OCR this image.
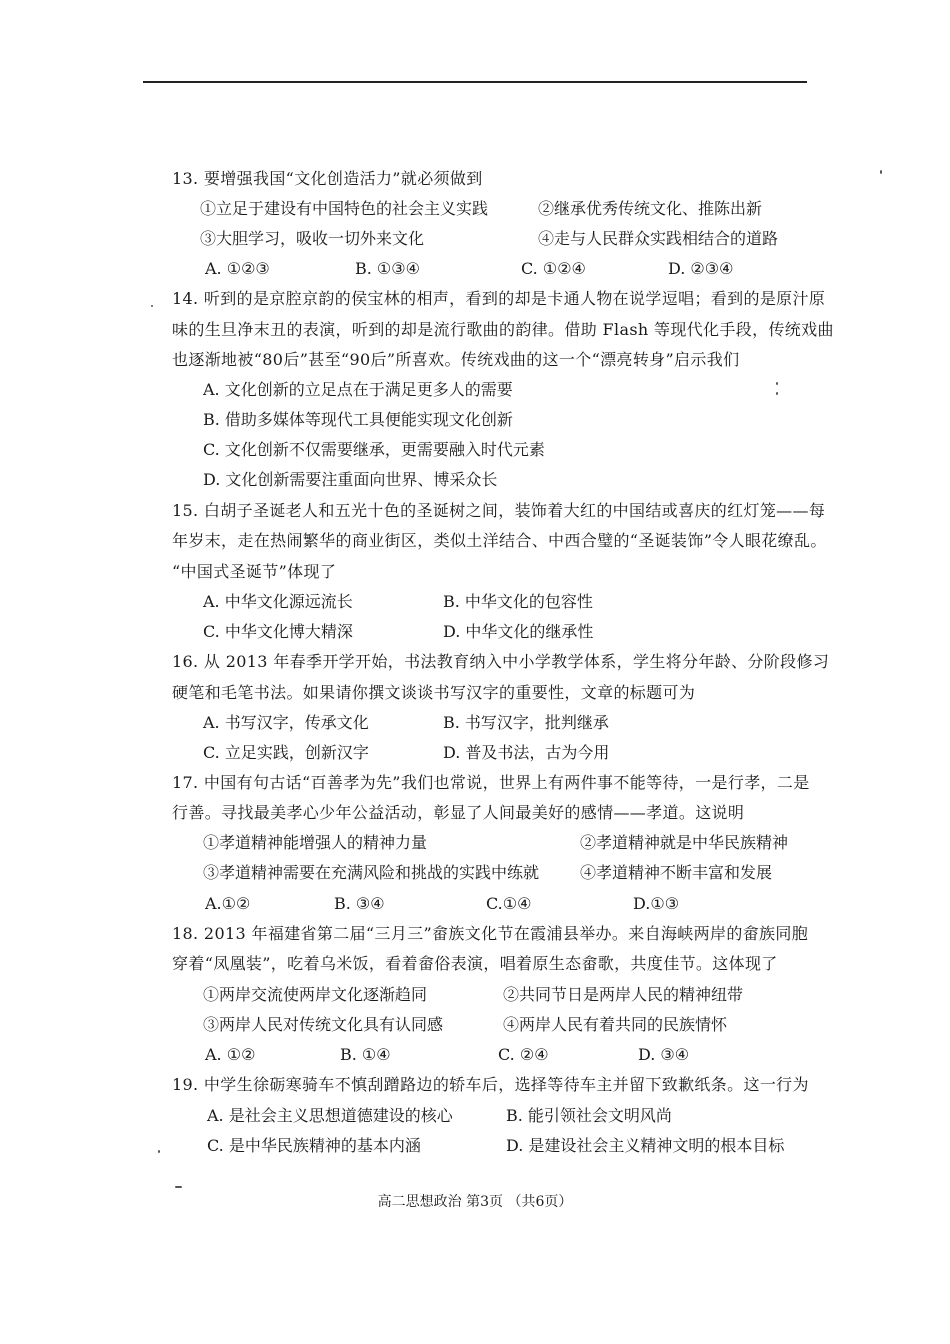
13. 要增强我国“文化创造活力”就必须做到
①立足于建设有中国特色的社会主义实践	②继承优秀传统文化、推陈出新
③大胆学习，吸收一切外来文化	④走与人民群众实践相结合的道路
A. ①②③	B. ①③④	C. ①②④	D. ②③④
14. 听到的是京腔京韵的侯宝林的相声，看到的却是卡通人物在说学逗唱；看到的是原汁原
味的生旦净末丑的表演，听到的却是流行歌曲的韵律。借助 Flash 等现代化手段，传统戏曲
也逐渐地被“80后”甚至“90后”所喜欢。传统戏曲的这一个“漂亮转身”启示我们
A. 文化创新的立足点在于满足更多人的需要
B. 借助多媒体等现代工具便能实现文化创新
C. 文化创新不仅需要继承，更需要融入时代元素
D. 文化创新需要注重面向世界、博采众长
15. 白胡子圣诞老人和五光十色的圣诞树之间，装饰着大红的中国结或喜庆的红灯笼——每
年岁末，走在热闹繁华的商业街区，类似土洋结合、中西合璧的“圣诞装饰”令人眼花缭乱。
“中国式圣诞节”体现了
A. 中华文化源远流长	B. 中华文化的包容性
C. 中华文化博大精深	D. 中华文化的继承性
16. 从 2013 年春季开学开始，书法教育纳入中小学教学体系，学生将分年龄、分阶段修习
硬笔和毛笔书法。如果请你撰文谈谈书写汉字的重要性，文章的标题可为
A. 书写汉字，传承文化	B. 书写汉字，批判继承
C. 立足实践，创新汉字	D. 普及书法，古为今用
17. 中国有句古话“百善孝为先”我们也常说，世界上有两件事不能等待，一是行孝，二是
行善。寻找最美孝心少年公益活动，彰显了人间最美好的感情——孝道。这说明
①孝道精神能增强人的精神力量	②孝道精神就是中华民族精神
③孝道精神需要在充满风险和挑战的实践中练就	④孝道精神不断丰富和发展
A.①②	B. ③④	C.①④	D.①③
18. 2013 年福建省第二届“三月三”畲族文化节在霞浦县举办。来自海峡两岸的畲族同胞
穿着“凤凰装”，吃着乌米饭，看着畲俗表演，唱着原生态畲歌，共度佳节。这体现了
①两岸交流使两岸文化逐渐趋同	②共同节日是两岸人民的精神纽带
③两岸人民对传统文化具有认同感	④两岸人民有着共同的民族情怀
A. ①②	B. ①④	C. ②④	D. ③④
19. 中学生徐砺寒骑车不慎刮蹭路边的轿车后，选择等待车主并留下致歉纸条。这一行为
A. 是社会主义思想道德建设的核心	B. 能引领社会文明风尚
C. 是中华民族精神的基本内涵	D. 是建设社会主义精神文明的根本目标
高二思想政治 第3页 （共6页）
